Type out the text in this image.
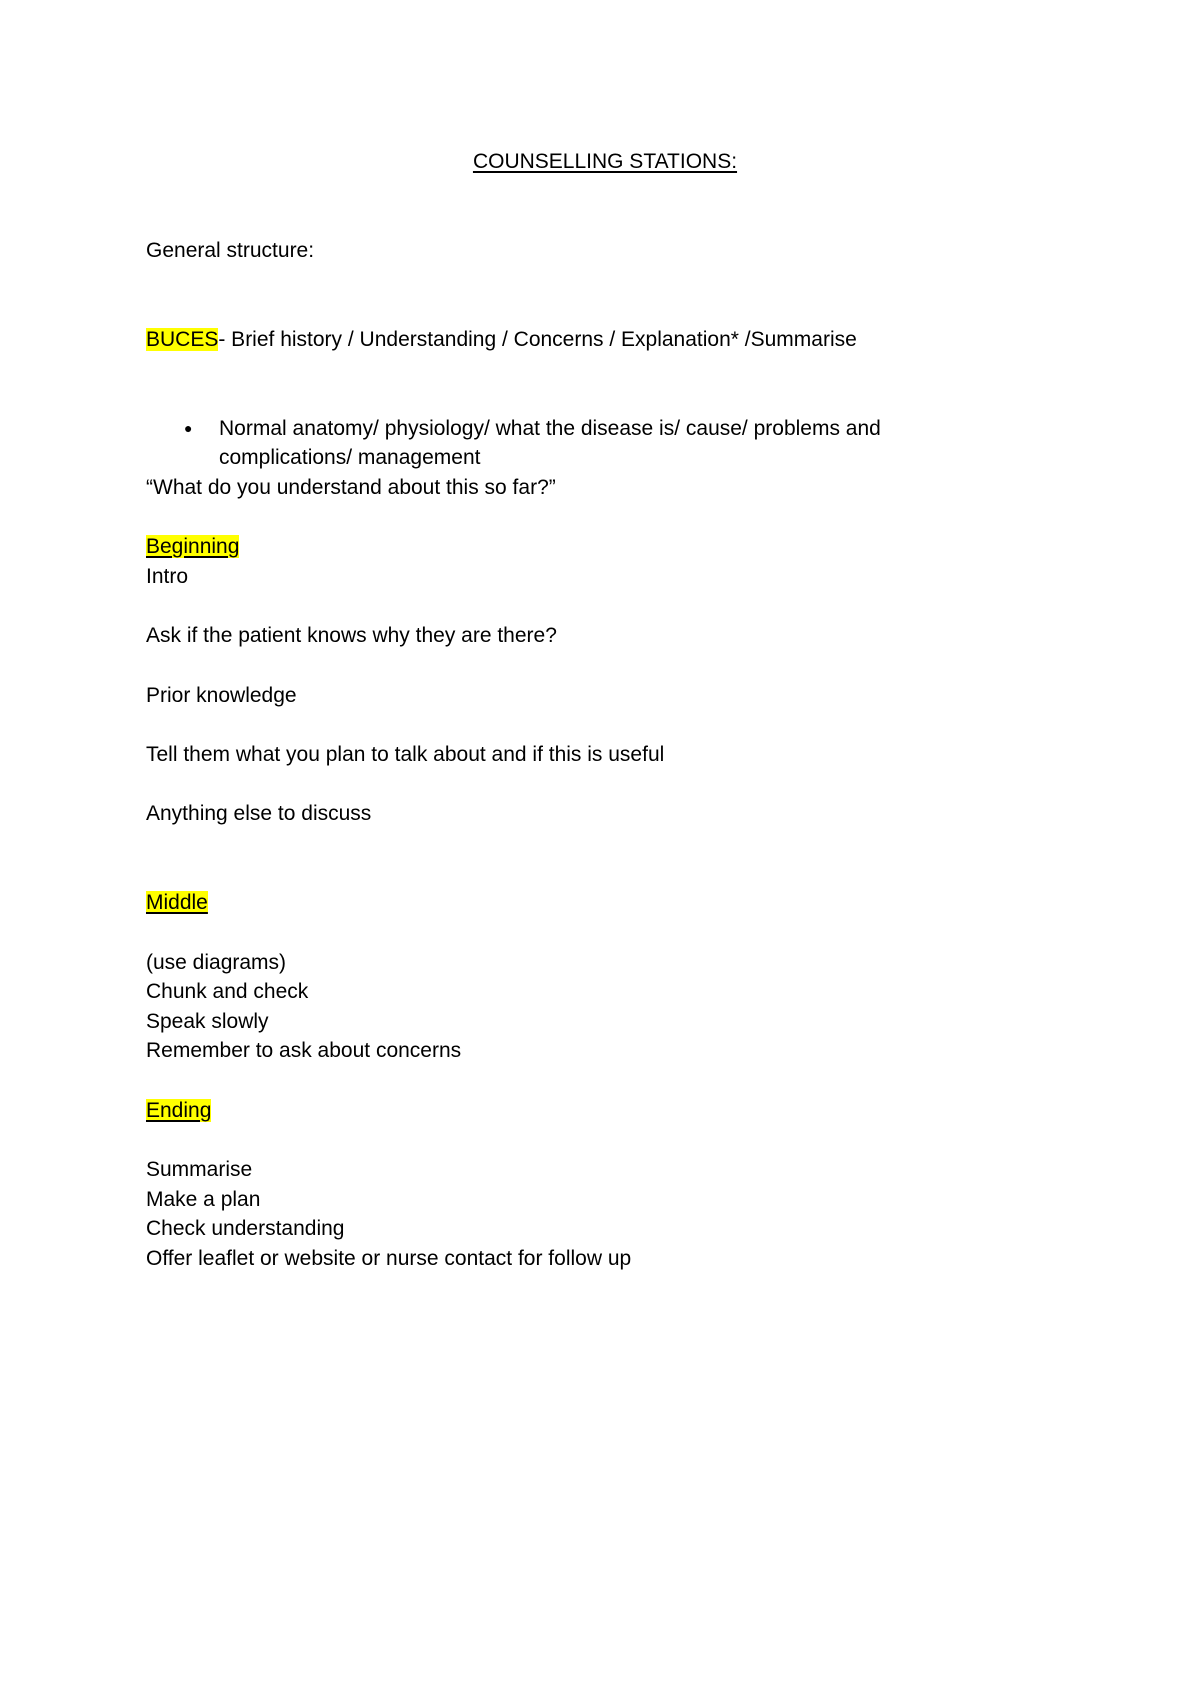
COUNSELLING STATIONS:
General structure:
BUCES- Brief history / Understanding / Concerns / Explanation* /Summarise
● Normal anatomy/ physiology/ what the disease is/ cause/ problems and
complications/ management
“What do you understand about this so far?”
Beginning
Intro
Ask if the patient knows why they are there?
Prior knowledge
Tell them what you plan to talk about and if this is useful
Anything else to discuss
Middle
(use diagrams)
Chunk and check
Speak slowly
Remember to ask about concerns
Ending
Summarise
Make a plan
Check understanding
Offer leaflet or website or nurse contact for follow up
